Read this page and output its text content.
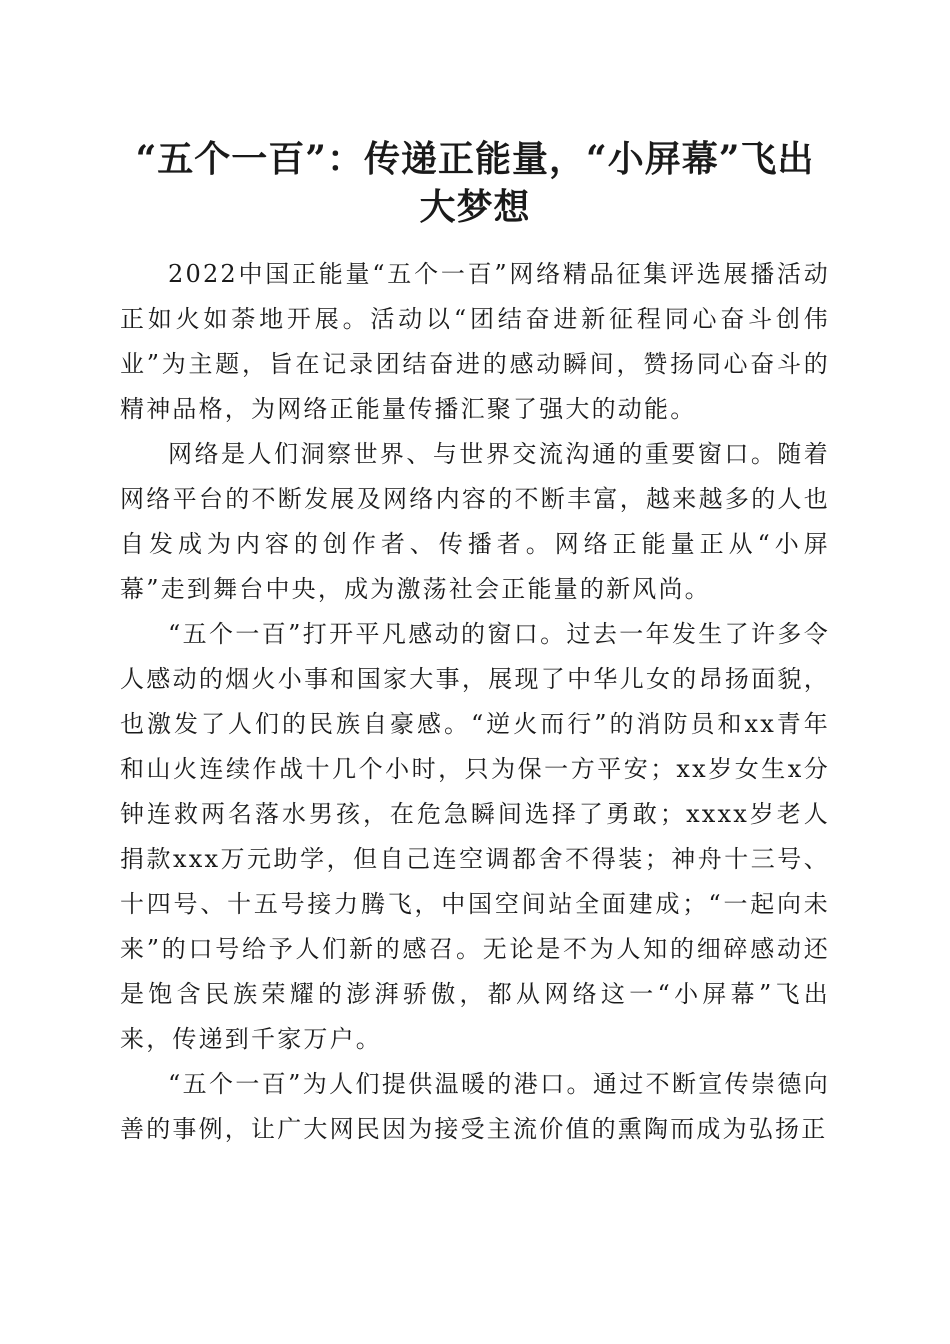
“五个一百”：传递正能量，“小屏幕”飞出
大梦想

2022中国正能量“五个一百”网络精品征集评选展播活动正如火如荼地开展。活动以“团结奋进新征程同心奋斗创伟业”为主题，旨在记录团结奋进的感动瞬间，赞扬同心奋斗的精神品格，为网络正能量传播汇聚了强大的动能。

网络是人们洞察世界、与世界交流沟通的重要窗口。随着网络平台的不断发展及网络内容的不断丰富，越来越多的人也自发成为内容的创作者、传播者。网络正能量正从“小屏幕”走到舞台中央，成为激荡社会正能量的新风尚。

“五个一百”打开平凡感动的窗口。过去一年发生了许多令人感动的烟火小事和国家大事，展现了中华儿女的昂扬面貌，也激发了人们的民族自豪感。“逆火而行”的消防员和xx青年和山火连续作战十几个小时，只为保一方平安；xx岁女生x分钟连救两名落水男孩，在危急瞬间选择了勇敢；xxxx岁老人捐款xxx万元助学，但自己连空调都舍不得装；神舟十三号、十四号、十五号接力腾飞，中国空间站全面建成；“一起向未来”的口号给予人们新的感召。无论是不为人知的细碎感动还是饱含民族荣耀的澎湃骄傲，都从网络这一“小屏幕”飞出来，传递到千家万户。

“五个一百”为人们提供温暖的港口。通过不断宣传崇德向善的事例，让广大网民因为接受主流价值的熏陶而成为弘扬正
